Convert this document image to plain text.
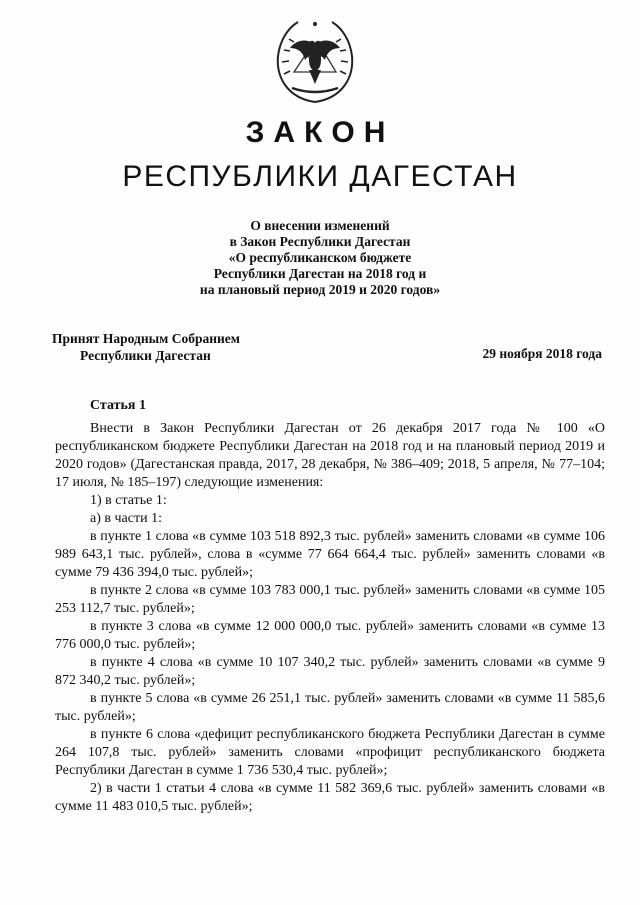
ЗАКОН
РЕСПУБЛИКИ ДАГЕСТАН
О внесении изменений
в Закон Республики Дагестан
«О республиканском бюджете
Республики Дагестан на 2018 год и
на плановый период 2019 и 2020 годов»
Принят Народным Собранием
Республики Дагестан	29 ноября 2018 года
Статья 1

Внести в Закон Республики Дагестан от 26 декабря 2017 года № 100 «О республиканском бюджете Республики Дагестан на 2018 год и на плановый период 2019 и 2020 годов» (Дагестанская правда, 2017, 28 декабря, № 386–409; 2018, 5 апреля, № 77–104; 17 июля, № 185–197) следующие изменения:

1) в статье 1:

а) в части 1:

в пункте 1 слова «в сумме 103 518 892,3 тыс. рублей» заменить словами «в сумме 106 989 643,1 тыс. рублей», слова в «сумме 77 664 664,4 тыс. рублей» заменить словами «в сумме 79 436 394,0 тыс. рублей»;

в пункте 2 слова «в сумме 103 783 000,1 тыс. рублей» заменить словами «в сумме 105 253 112,7 тыс. рублей»;

в пункте 3 слова «в сумме 12 000 000,0 тыс. рублей» заменить словами «в сумме 13 776 000,0 тыс. рублей»;

в пункте 4 слова «в сумме 10 107 340,2 тыс. рублей» заменить словами «в сумме 9 872 340,2 тыс. рублей»;

в пункте 5 слова «в сумме 26 251,1 тыс. рублей» заменить словами «в сумме 11 585,6 тыс. рублей»;

в пункте 6 слова «дефицит республиканского бюджета Республики Дагестан в сумме 264 107,8 тыс. рублей» заменить словами «профицит республиканского бюджета Республики Дагестан в сумме 1 736 530,4 тыс. рублей»;

2) в части 1 статьи 4 слова «в сумме 11 582 369,6 тыс. рублей» заменить словами «в сумме 11 483 010,5 тыс. рублей»;
